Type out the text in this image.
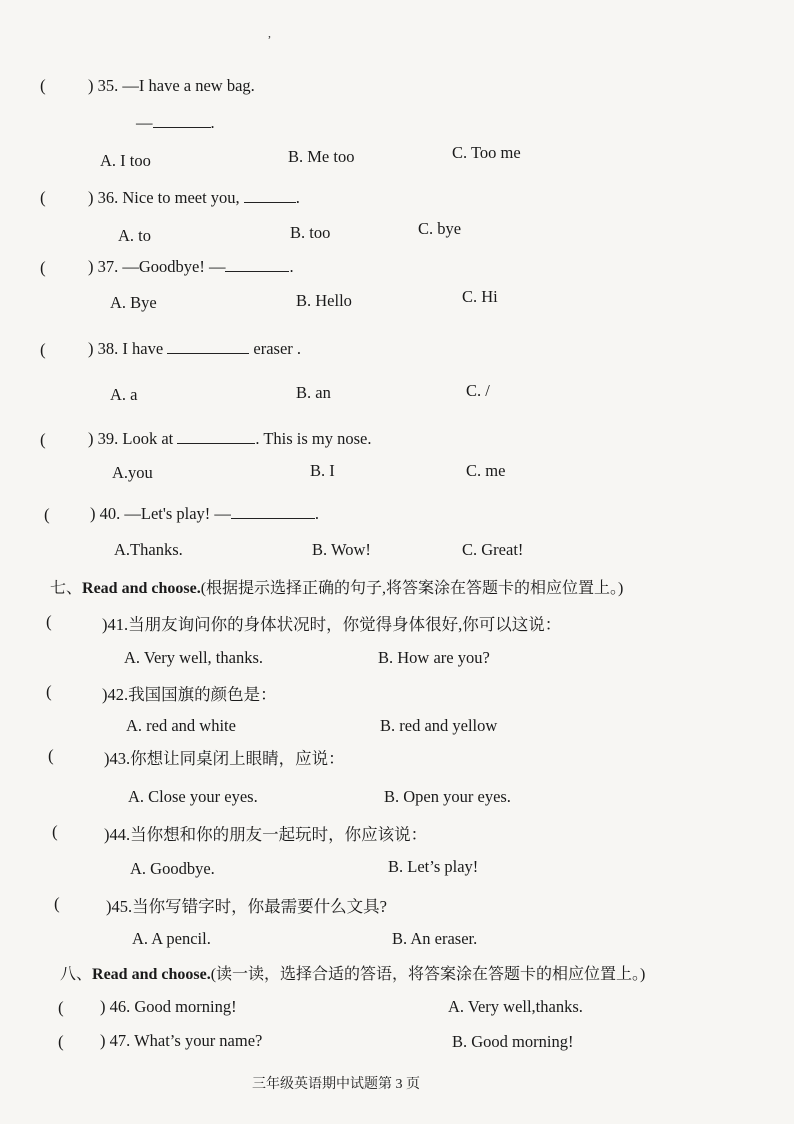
,
(	) 35. —I have a new bag.
—	.
A. I too	B. Me too	C. Too me
(	) 36. Nice to meet you,	.
A. to	B. too	C. bye
(	) 37. —Goodbye! —	.
A. Bye	B. Hello	C. Hi
(	) 38. I have	eraser .
A. a	B. an	C. /
(	) 39. Look at	. This is my nose.
A.you	B. I	C. me
( ) 40. —Let's play! —	.
A.Thanks.	B. Wow!	C. Great!
七、Read and choose.(根据提示选择正确的句子,将答案涂在答题卡的相应位置上。)
(	)41.当朋友询问你的身体状况时，你觉得身体很好,你可以这说：
A. Very well, thanks.	B. How are you?
(	)42.我国国旗的颜色是：
A. red and white	B. red and yellow
(	)43.你想让同桌闭上眼睛，应说：
A. Close your eyes.	B. Open your eyes.
(	)44.当你想和你的朋友一起玩时，你应该说：
A. Goodbye.	B. Let’s play!
(	)45.当你写错字时，你最需要什么文具?
A. A pencil.	B. An eraser.
八、Read and choose.(读一读，选择合适的答语，将答案涂在答题卡的相应位置上。)
( ) 46. Good morning!	A. Very well,thanks.
( ) 47. What’s your name?	B. Good morning!
三年级英语期中试题第 3 页
